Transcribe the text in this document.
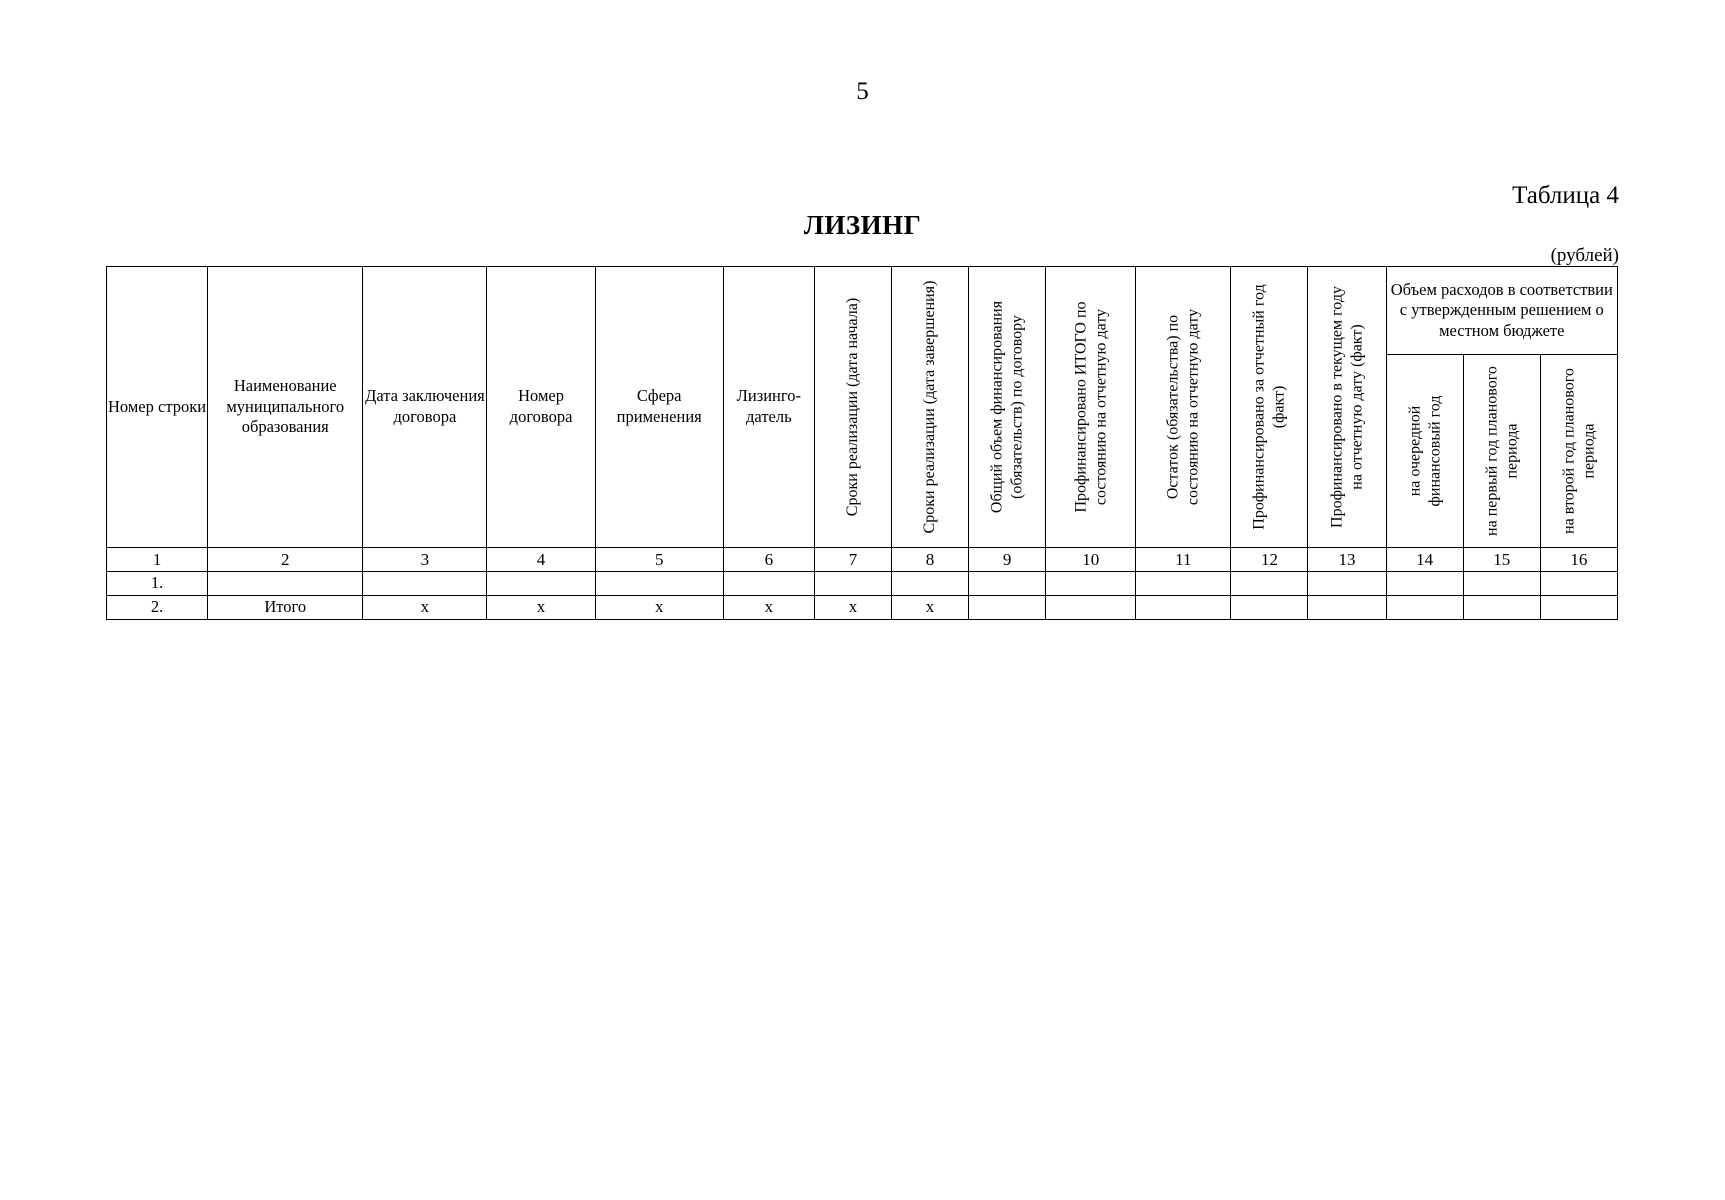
5
Таблица 4
ЛИЗИНГ
(рублей)
Номер строки	Наименование муниципального образования	Дата заключения договора	Номер договора	Сфера применения	Лизинго-датель	Сроки реализации (дата начала)	Сроки реализации (дата завершения)	Общий объем финансирования (обязательств) по договору	Профинансировано ИТОГО по состоянию на отчетную дату	Остаток (обязательства) по состоянию на отчетную дату	Профинансировано за отчетный год (факт)	Профинансировано в текущем году на отчетную дату (факт)	Объем расходов в соответствии с утвержденным решением о местном бюджете		

													на очередной финансовый год	на первый год планового периода	на второй год планового периода

1	2	3	4	5	6	7	8	9	10	11	12	13	14	15	16
1.															
2.	Итого	x	x	x	x	x	x								
